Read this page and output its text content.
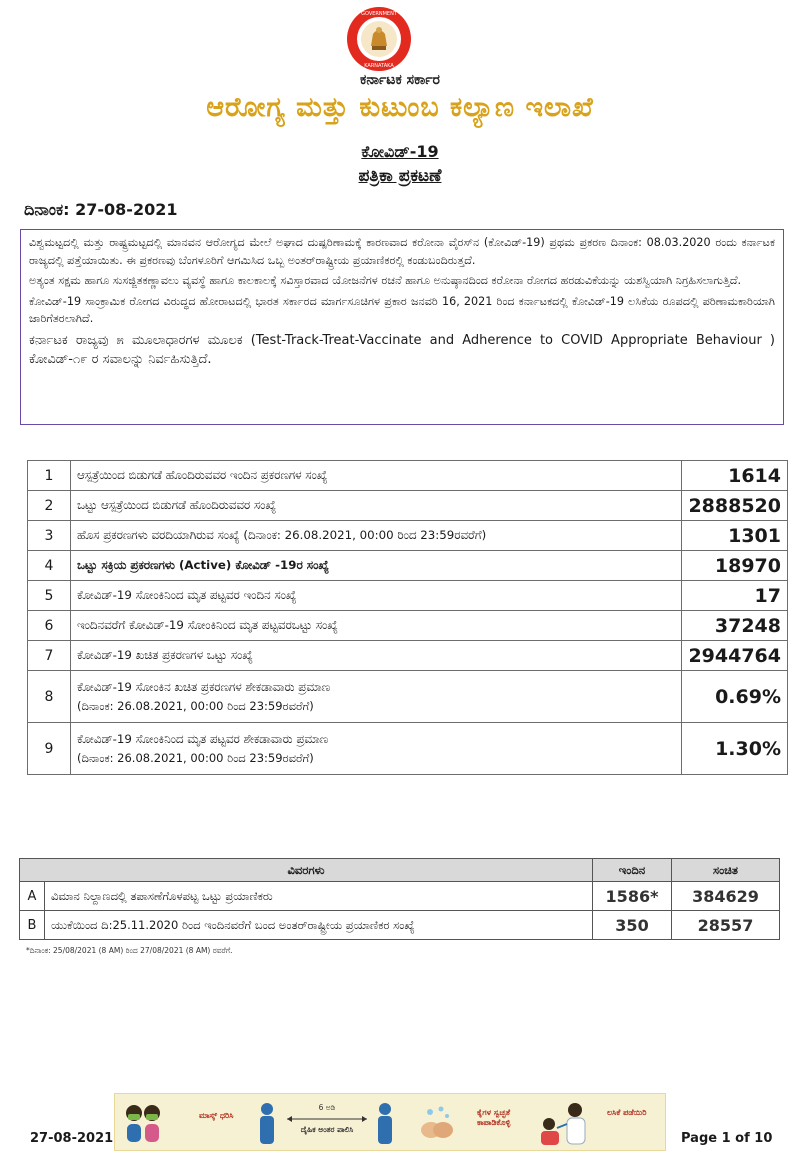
GOVERNMENT
KARNATAKA
ಕರ್ನಾಟಕ ಸರ್ಕಾರ
ಆರೋಗ್ಯ ಮತ್ತು ಕುಟುಂಬ ಕಲ್ಯಾಣ ಇಲಾಖೆ
ಕೋವಿಡ್-19
ಪತ್ರಿಕಾ ಪ್ರಕಟಣೆ
ದಿನಾಂಕ: 27-08-2021

ವಿಶ್ವಮಟ್ಟದಲ್ಲಿ ಮತ್ತು ರಾಷ್ಟ್ರಮಟ್ಟದಲ್ಲಿ ಮಾನವನ ಆರೋಗ್ಯದ ಮೇಲೆ ಅಘಾದ ದುಷ್ಪರಿಣಾಮಕ್ಕೆ ಕಾರಣವಾದ ಕರೋನಾ ವೈರಸ್‌ನ (ಕೋವಿಡ್-19) ಪ್ರಥಮ ಪ್ರಕರಣ ದಿನಾಂಕ: 08.03.2020 ರಂದು ಕರ್ನಾಟಕ ರಾಜ್ಯದಲ್ಲಿ ಪತ್ತೆಯಾಯಿತು. ಈ ಪ್ರಕರಣವು ಬೆಂಗಳೂರಿಗೆ ಆಗಮಿಸಿದ ಒಬ್ಬ ಅಂತರ್‌ರಾಷ್ಟ್ರೀಯ ಪ್ರಯಾಣಿಕರಲ್ಲಿ ಕಂಡುಬಂದಿರುತ್ತದೆ.

ಅತ್ಯಂತ ಸಕ್ಷಮ ಹಾಗೂ ಸುಸಜ್ಜಿತಕಣ್ಣಾವಲು ವ್ಯವಸ್ಥೆ ಹಾಗೂ ಕಾಲಕಾಲಕ್ಕೆ ಸವಿಸ್ತಾರವಾದ ಯೋಜನೆಗಳ ರಚನೆ ಹಾಗೂ ಅನುಷ್ಠಾನದಿಂದ ಕರೋನಾ ರೋಗದ ಹರಡುವಿಕೆಯನ್ನು ಯಶಸ್ವಿಯಾಗಿ ನಿಗ್ರಹಿಸಲಾಗುತ್ತಿದೆ.

ಕೋವಿಡ್-19 ಸಾಂಕ್ರಾಮಿಕ ರೋಗದ ವಿರುದ್ಧದ ಹೋರಾಟದಲ್ಲಿ ಭಾರತ ಸರ್ಕಾರದ ಮಾರ್ಗಸೂಚಿಗಳ ಪ್ರಕಾರ ಜನವರಿ 16, 2021 ರಿಂದ ಕರ್ನಾಟಕದಲ್ಲಿ ಕೋವಿಡ್-19 ಲಸಿಕೆಯ ರೂಪದಲ್ಲಿ ಪರಿಣಾಮಕಾರಿಯಾಗಿ ಜಾರಿಗೆತರಲಾಗಿದೆ.

ಕರ್ನಾಟಕ ರಾಜ್ಯವು ೫ ಮೂಲಾಧಾರಗಳ ಮೂಲಕ (Test-Track-Treat-Vaccinate and Adherence to COVID Appropriate Behaviour ) ಕೋವಿಡ್-೧೯ ರ ಸವಾಲನ್ನು ನಿರ್ವಹಿಸುತ್ತಿದೆ.

1	ಆಸ್ಪತ್ರೆಯಿಂದ ಬಿಡುಗಡೆ ಹೊಂದಿರುವವರ ಇಂದಿನ ಪ್ರಕರಣಗಳ ಸಂಖ್ಯೆ	1614
2	ಒಟ್ಟು ಆಸ್ಪತ್ರೆಯಿಂದ ಬಿಡುಗಡೆ ಹೊಂದಿರುವವರ ಸಂಖ್ಯೆ	2888520
3	ಹೊಸ ಪ್ರಕರಣಗಳು ವರದಿಯಾಗಿರುವ ಸಂಖ್ಯೆ (ದಿನಾಂಕ: 26.08.2021, 00:00 ರಿಂದ 23:59ರವರೆಗೆ)	1301
4	ಒಟ್ಟು ಸಕ್ರಿಯ ಪ್ರಕರಣಗಳು (Active) ಕೋವಿಡ್ -19ರ ಸಂಖ್ಯೆ	18970
5	ಕೋವಿಡ್-19 ಸೋಂಕಿನಿಂದ ಮೃತ ಪಟ್ಟವರ ಇಂದಿನ ಸಂಖ್ಯೆ	17
6	ಇಂದಿನವರೆಗೆ ಕೋವಿಡ್-19 ಸೋಂಕಿನಿಂದ ಮೃತ ಪಟ್ಟವರಒಟ್ಟು ಸಂಖ್ಯೆ	37248
7	ಕೋವಿಡ್-19 ಖಚಿತ ಪ್ರಕರಣಗಳ ಒಟ್ಟು ಸಂಖ್ಯೆ	2944764
8	ಕೋವಿಡ್-19 ಸೋಂಕಿನ ಖಚಿತ ಪ್ರಕರಣಗಳ ಶೇಕಡಾವಾರು ಪ್ರಮಾಣ
(ದಿನಾಂಕ: 26.08.2021, 00:00 ರಿಂದ 23:59ರವರೆಗೆ)	0.69%
9	ಕೋವಿಡ್-19 ಸೋಂಕಿನಿಂದ ಮೃತ ಪಟ್ಟವರ ಶೇಕಡಾವಾರು ಪ್ರಮಾಣ
(ದಿನಾಂಕ: 26.08.2021, 00:00 ರಿಂದ 23:59ರವರೆಗೆ)	1.30%
ವಿವರಗಳು		ಇಂದಿನ	ಸಂಚಿತ
A	ವಿಮಾನ ನಿಲ್ದಾಣದಲ್ಲಿ ತಪಾಸಣೆಗೊಳಪಟ್ಟ ಒಟ್ಟು ಪ್ರಯಾಣಿಕರು	1586*	384629
B	ಯುಕೆಯಿಂದ ದಿ:25.11.2020 ರಿಂದ ಇಂದಿನವರೆಗೆ ಬಂದ ಅಂತರ್‌ರಾಷ್ಟ್ರೀಯ ಪ್ರಯಾಣಿಕರ ಸಂಖ್ಯೆ	350	28557
*ದಿನಾಂಕ: 25/08/2021 (8 AM) ರಿಂದ 27/08/2021 (8 AM) ರವರೆಗೆ.
ಮಾಸ್ಕ್ ಧರಿಸಿ
6 ಅಡಿ
ದೈಹಿಕ ಅಂತರ ಪಾಲಿಸಿ
ಕೈಗಳ ಸ್ವಚ್ಛತೆ ಕಾಪಾಡಿಕೊಳ್ಳಿ
ಲಸಿಕೆ ಪಡೆಯಿರಿ
27-08-2021	Page 1 of 10
